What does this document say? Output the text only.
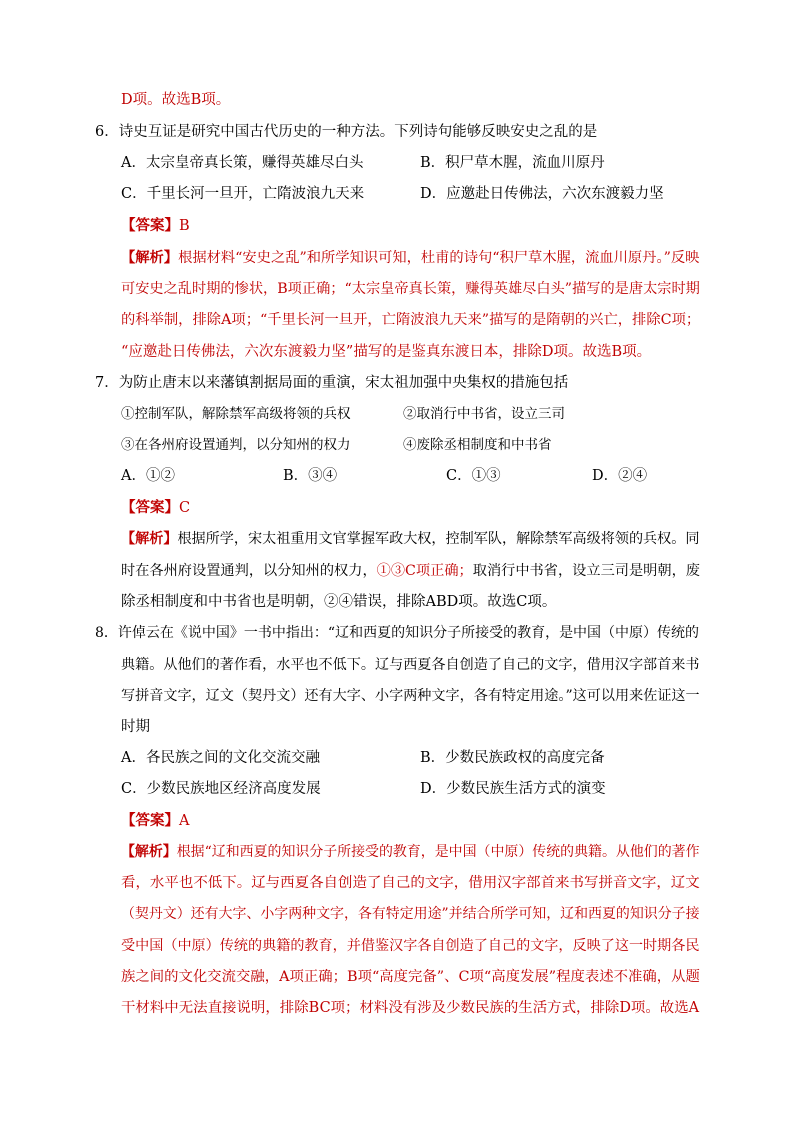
D项。故选B项。
6．诗史互证是研究中国古代历史的一种方法。下列诗句能够反映安史之乱的是
A．太宗皇帝真长策，赚得英雄尽白头	B．积尸草木腥，流血川原丹
C．千里长河一旦开，亡隋波浪九天来	D．应邀赴日传佛法，六次东渡毅力坚
【答案】B
【解析】根据材料“安史之乱”和所学知识可知，杜甫的诗句“积尸草木腥，流血川原丹。”反映
可安史之乱时期的惨状，B项正确；“太宗皇帝真长策，赚得英雄尽白头”描写的是唐太宗时期
的科举制，排除A项；“千里长河一旦开，亡隋波浪九天来”描写的是隋朝的兴亡，排除C项；
“应邀赴日传佛法，六次东渡毅力坚”描写的是鉴真东渡日本，排除D项。故选B项。
7．为防止唐末以来藩镇割据局面的重演，宋太祖加强中央集权的措施包括
①控制军队，解除禁军高级将领的兵权	②取消行中书省，设立三司
③在各州府设置通判，以分知州的权力	④废除丞相制度和中书省
A．①②	B．③④	C．①③	D．②④
【答案】C
【解析】根据所学，宋太祖重用文官掌握军政大权，控制军队，解除禁军高级将领的兵权。同
时在各州府设置通判，以分知州的权力，①③C项正确；取消行中书省，设立三司是明朝，废
除丞相制度和中书省也是明朝，②④错误，排除ABD项。故选C项。
8．许倬云在《说中国》一书中指出：“辽和西夏的知识分子所接受的教育，是中国（中原）传统的
典籍。从他们的著作看，水平也不低下。辽与西夏各自创造了自己的文字，借用汉字部首来书
写拼音文字，辽文（契丹文）还有大字、小字两种文字，各有特定用途。”这可以用来佐证这一
时期
A．各民族之间的文化交流交融	B．少数民族政权的高度完备
C．少数民族地区经济高度发展	D．少数民族生活方式的演变
【答案】A
【解析】根据“辽和西夏的知识分子所接受的教育，是中国（中原）传统的典籍。从他们的著作
看，水平也不低下。辽与西夏各自创造了自己的文字，借用汉字部首来书写拼音文字，辽文
（契丹文）还有大字、小字两种文字，各有特定用途”并结合所学可知，辽和西夏的知识分子接
受中国（中原）传统的典籍的教育，并借鉴汉字各自创造了自己的文字，反映了这一时期各民
族之间的文化交流交融，A项正确；B项“高度完备”、C项“高度发展”程度表述不准确，从题
干材料中无法直接说明，排除BC项；材料没有涉及少数民族的生活方式，排除D项。故选A
